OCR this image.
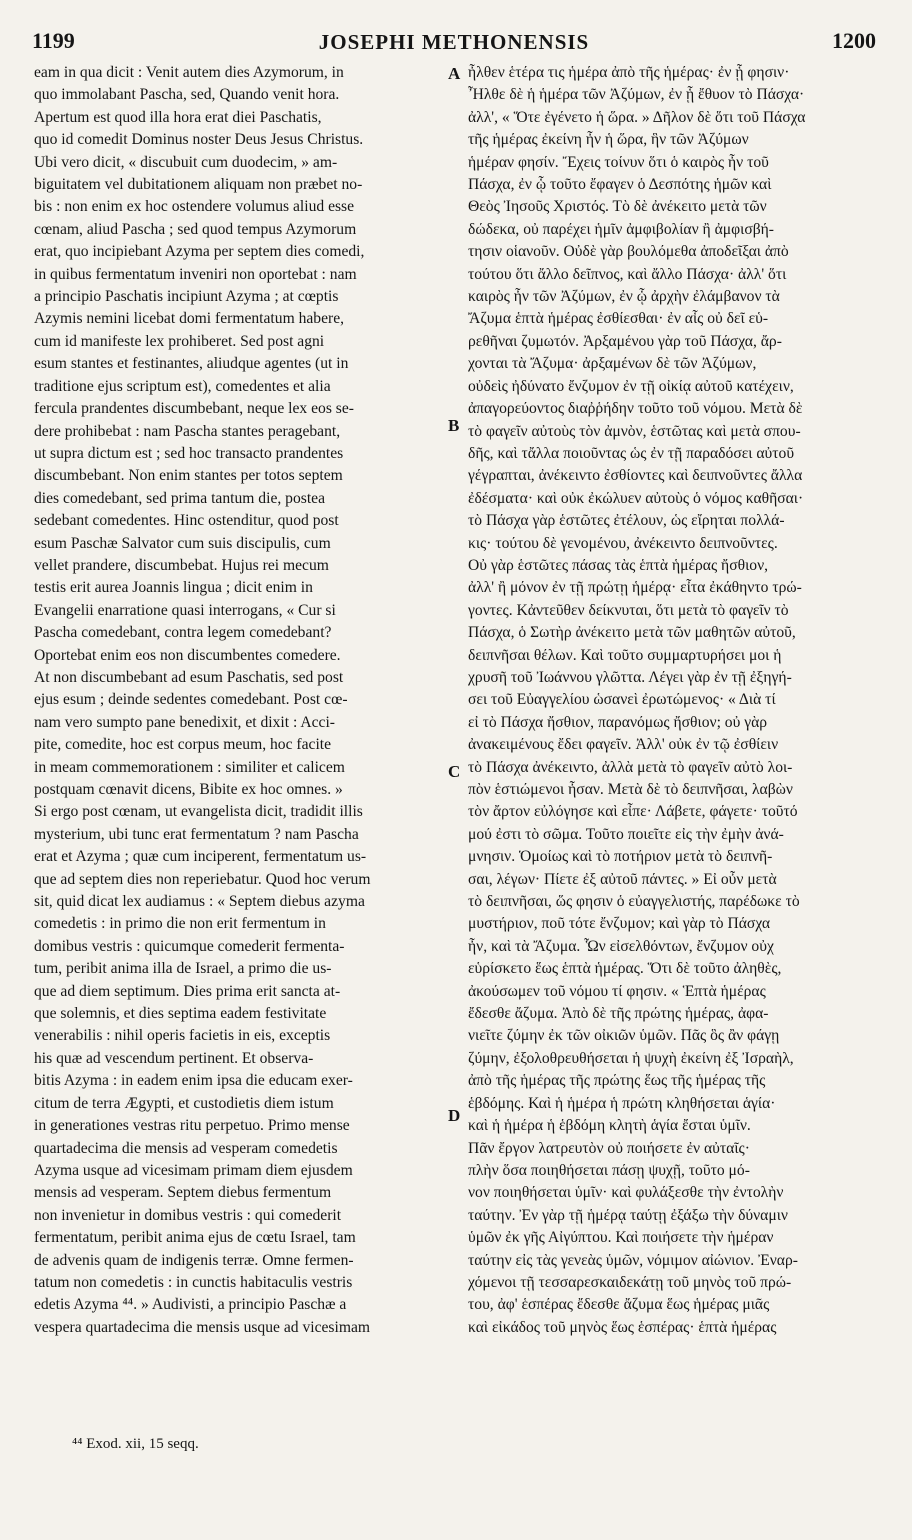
1199	JOSEPHI METHONENSIS	1200
eam in qua dicit : Venit autem dies Azymorum, in
quo immolabant Pascha, sed, Quando venit hora.
Apertum est quod illa hora erat diei Paschatis,
quo id comedit Dominus noster Deus Jesus Christus.
Ubi vero dicit, « discubuit cum duodecim, » am-
biguitatem vel dubitationem aliquam non præbet no-
bis : non enim ex hoc ostendere volumus aliud esse
cœnam, aliud Pascha ; sed quod tempus Azymorum
erat, quo incipiebant Azyma per septem dies comedi,
in quibus fermentatum inveniri non oportebat : nam
a principio Paschatis incipiunt Azyma ; at cœptis
Azymis nemini licebat domi fermentatum habere,
cum id manifeste lex prohiberet. Sed post agni
esum stantes et festinantes, aliudque agentes (ut in
traditione ejus scriptum est), comedentes et alia
fercula prandentes discumbebant, neque lex eos se-
dere prohibebat : nam Pascha stantes peragebant,
ut supra dictum est ; sed hoc transacto prandentes
discumbebant. Non enim stantes per totos septem
dies comedebant, sed prima tantum die, postea
sedebant comedentes. Hinc ostenditur, quod post
esum Paschæ Salvator cum suis discipulis, cum
vellet prandere, discumbebat. Hujus rei mecum
testis erit aurea Joannis lingua ; dicit enim in
Evangelii enarratione quasi interrogans, « Cur si
Pascha comedebant, contra legem comedebant?
Oportebat enim eos non discumbentes comedere.
At non discumbebant ad esum Paschatis, sed post
ejus esum ; deinde sedentes comedebant. Post cœ-
nam vero sumpto pane benedixit, et dixit : Acci-
pite, comedite, hoc est corpus meum, hoc facite
in meam commemorationem : similiter et calicem
postquam cœnavit dicens, Bibite ex hoc omnes. »
Si ergo post cœnam, ut evangelista dicit, tradidit illis
mysterium, ubi tunc erat fermentatum ? nam Pascha
erat et Azyma ; quæ cum inciperent, fermentatum us-
que ad septem dies non reperiebatur. Quod hoc verum
sit, quid dicat lex audiamus : « Septem diebus azyma
comedetis : in primo die non erit fermentum in
domibus vestris : quicumque comederit fermenta-
tum, peribit anima illa de Israel, a primo die us-
que ad diem septimum. Dies prima erit sancta at-
que solemnis, et dies septima eadem festivitate
venerabilis : nihil operis facietis in eis, exceptis
his quæ ad vescendum pertinent. Et observa-
bitis Azyma : in eadem enim ipsa die educam exer-
citum de terra Ægypti, et custodietis diem istum
in generationes vestras ritu perpetuo. Primo mense
quartadecima die mensis ad vesperam comedetis
Azyma usque ad vicesimam primam diem ejusdem
mensis ad vesperam. Septem diebus fermentum
non invenietur in domibus vestris : qui comederit
fermentatum, peribit anima ejus de cœtu Israel, tam
de advenis quam de indigenis terræ. Omne fermen-
tatum non comedetis : in cunctis habitaculis vestris
edetis Azyma ⁴⁴. » Audivisti, a principio Paschæ a
vespera quartadecima die mensis usque ad vicesimam
A
B
C
D
ἦλθεν ἑτέρα τις ἡμέρα ἀπὸ τῆς ἡμέρας· ἐν ᾗ φησιν·
Ἦλθε δὲ ἡ ἡμέρα τῶν Ἀζύμων, ἐν ᾗ ἔθυον τὸ Πάσχα·
ἀλλ', « Ὅτε ἐγένετο ἡ ὥρα. » Δῆλον δὲ ὅτι τοῦ Πάσχα
τῆς ἡμέρας ἐκείνη ἦν ἡ ὥρα, ἣν τῶν Ἀζύμων
ἡμέραν φησίν. Ἔχεις τοίνυν ὅτι ὁ καιρὸς ἦν τοῦ
Πάσχα, ἐν ᾧ τοῦτο ἔφαγεν ὁ Δεσπότης ἡμῶν καὶ
Θεὸς Ἰησοῦς Χριστός. Τὸ δὲ ἀνέκειτο μετὰ τῶν
δώδεκα, οὐ παρέχει ἡμῖν ἀμφιβολίαν ἢ ἀμφισβή-
τησιν οἱανοῦν. Οὐδὲ γὰρ βουλόμεθα ἀποδεῖξαι ἀπὸ
τούτου ὅτι ἄλλο δεῖπνος, καὶ ἄλλο Πάσχα· ἀλλ' ὅτι
καιρὸς ἦν τῶν Ἀζύμων, ἐν ᾧ ἀρχὴν ἐλάμβανον τὰ
Ἄζυμα ἑπτὰ ἡμέρας ἐσθίεσθαι· ἐν αἷς οὐ δεῖ εὑ-
ρεθῆναι ζυμωτόν. Ἀρξαμένου γὰρ τοῦ Πάσχα, ἄρ-
χονται τὰ Ἄζυμα· ἀρξαμένων δὲ τῶν Ἀζύμων,
οὐδεὶς ἠδύνατο ἔνζυμον ἐν τῇ οἰκίᾳ αὐτοῦ κατέχειν,
ἀπαγορεύοντος διαῤῥήδην τοῦτο τοῦ νόμου. Μετὰ δὲ
τὸ φαγεῖν αὐτοὺς τὸν ἀμνὸν, ἑστῶτας καὶ μετὰ σπου-
δῆς, καὶ τἄλλα ποιοῦντας ὡς ἐν τῇ παραδόσει αὐτοῦ
γέγραπται, ἀνέκειντο ἐσθίοντες καὶ δειπνοῦντες ἄλλα
ἐδέσματα· καὶ οὐκ ἐκώλυεν αὐτοὺς ὁ νόμος καθῆσαι·
τὸ Πάσχα γὰρ ἑστῶτες ἐτέλουν, ὡς εἴρηται πολλά-
κις· τούτου δὲ γενομένου, ἀνέκειντο δειπνοῦντες.
Οὐ γὰρ ἑστῶτες πάσας τὰς ἑπτὰ ἡμέρας ἤσθιον,
ἀλλ' ἢ μόνον ἐν τῇ πρώτῃ ἡμέρᾳ· εἶτα ἐκάθηντο τρώ-
γοντες. Κἀντεῦθεν δείκνυται, ὅτι μετὰ τὸ φαγεῖν τὸ
Πάσχα, ὁ Σωτὴρ ἀνέκειτο μετὰ τῶν μαθητῶν αὐτοῦ,
δειπνῆσαι θέλων. Καὶ τοῦτο συμμαρτυρήσει μοι ἡ
χρυσῆ τοῦ Ἰωάννου γλῶττα. Λέγει γὰρ ἐν τῇ ἐξηγή-
σει τοῦ Εὐαγγελίου ὡσανεὶ ἐρωτώμενος· « Διὰ τί
εἰ τὸ Πάσχα ἤσθιον, παρανόμως ἤσθιον; οὐ γὰρ
ἀνακειμένους ἔδει φαγεῖν. Ἀλλ' οὐκ ἐν τῷ ἐσθίειν
τὸ Πάσχα ἀνέκειντο, ἀλλὰ μετὰ τὸ φαγεῖν αὐτὸ λοι-
πὸν ἑστιώμενοι ἦσαν. Μετὰ δὲ τὸ δειπνῆσαι, λαβὼν
τὸν ἄρτον εὐλόγησε καὶ εἶπε· Λάβετε, φάγετε· τοῦτό
μού ἐστι τὸ σῶμα. Τοῦτο ποιεῖτε εἰς τὴν ἐμὴν ἀνά-
μνησιν. Ὁμοίως καὶ τὸ ποτήριον μετὰ τὸ δειπνῆ-
σαι, λέγων· Πίετε ἐξ αὐτοῦ πάντες. » Εἰ οὖν μετὰ
τὸ δειπνῆσαι, ὥς φησιν ὁ εὐαγγελιστής, παρέδωκε τὸ
μυστήριον, ποῦ τότε ἔνζυμον; καὶ γὰρ τὸ Πάσχα
ἦν, καὶ τὰ Ἄζυμα. Ὧν εἰσελθόντων, ἔνζυμον οὐχ
εὑρίσκετο ἕως ἑπτὰ ἡμέρας. Ὅτι δὲ τοῦτο ἀληθὲς,
ἀκούσωμεν τοῦ νόμου τί φησιν. « Ἑπτὰ ἡμέρας
ἔδεσθε ἄζυμα. Ἀπὸ δὲ τῆς πρώτης ἡμέρας, ἀφα-
νιεῖτε ζύμην ἐκ τῶν οἰκιῶν ὑμῶν. Πᾶς ὃς ἂν φάγῃ
ζύμην, ἐξολοθρευθήσεται ἡ ψυχὴ ἐκείνη ἐξ Ἰσραὴλ,
ἀπὸ τῆς ἡμέρας τῆς πρώτης ἕως τῆς ἡμέρας τῆς
ἑβδόμης. Καὶ ἡ ἡμέρα ἡ πρώτη κληθήσεται ἁγία·
καὶ ἡ ἡμέρα ἡ ἑβδόμη κλητὴ ἁγία ἔσται ὑμῖν.
Πᾶν ἔργον λατρευτὸν οὐ ποιήσετε ἐν αὐταῖς·
πλὴν ὅσα ποιηθήσεται πάσῃ ψυχῇ, τοῦτο μό-
νον ποιηθήσεται ὑμῖν· καὶ φυλάξεσθε τὴν ἐντολὴν
ταύτην. Ἐν γὰρ τῇ ἡμέρᾳ ταύτῃ ἐξάξω τὴν δύναμιν
ὑμῶν ἐκ γῆς Αἰγύπτου. Καὶ ποιήσετε τὴν ἡμέραν
ταύτην εἰς τὰς γενεὰς ὑμῶν, νόμιμον αἰώνιον. Ἐναρ-
χόμενοι τῇ τεσσαρεσκαιδεκάτῃ τοῦ μηνὸς τοῦ πρώ-
του, ἀφ' ἑσπέρας ἔδεσθε ἄζυμα ἕως ἡμέρας μιᾶς
καὶ εἰκάδος τοῦ μηνὸς ἕως ἑσπέρας· ἑπτὰ ἡμέρας
⁴⁴ Exod. xii, 15 seqq.
